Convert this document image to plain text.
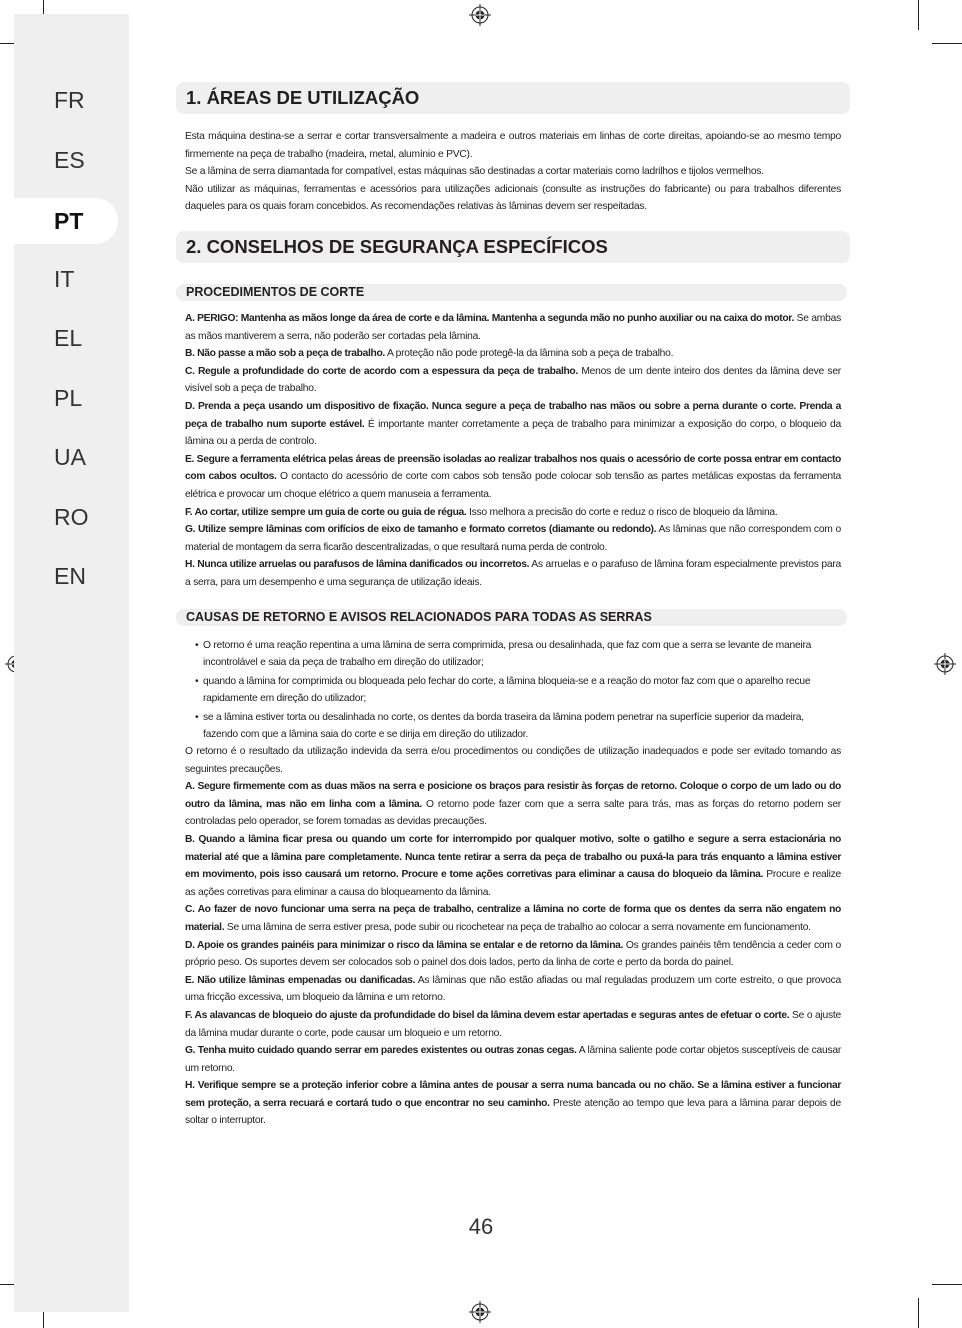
FR
ES
PT
IT
EL
PL
UA
RO
EN
1. ÁREAS DE UTILIZAÇÃO

Esta máquina destina-se a serrar e cortar transversalmente a madeira e outros materiais em linhas de corte direitas, apoiando-se ao mesmo tempo firmemente na peça de trabalho (madeira, metal, alumínio e PVC).

Se a lâmina de serra diamantada for compatível, estas máquinas são destinadas a cortar materiais como ladrilhos e tijolos vermelhos.

Não utilizar as máquinas, ferramentas e acessórios para utilizações adicionais (consulte as instruções do fabricante) ou para trabalhos diferentes daqueles para os quais foram concebidos. As recomendações relativas às lâminas devem ser respeitadas.

2. CONSELHOS DE SEGURANÇA ESPECÍFICOS
PROCEDIMENTOS DE CORTE

A. PERIGO: Mantenha as mãos longe da área de corte e da lâmina. Mantenha a segunda mão no punho auxiliar ou na caixa do motor. Se ambas as mãos mantiverem a serra, não poderão ser cortadas pela lâmina.

B. Não passe a mão sob a peça de trabalho. A proteção não pode protegê-la da lâmina sob a peça de trabalho.

C. Regule a profundidade do corte de acordo com a espessura da peça de trabalho. Menos de um dente inteiro dos dentes da lâmina deve ser visível sob a peça de trabalho.

D. Prenda a peça usando um dispositivo de fixação. Nunca segure a peça de trabalho nas mãos ou sobre a perna durante o corte. Prenda a peça de trabalho num suporte estável. É importante manter corretamente a peça de trabalho para minimizar a exposição do corpo, o bloqueio da lâmina ou a perda de controlo.

E. Segure a ferramenta elétrica pelas áreas de preensão isoladas ao realizar trabalhos nos quais o acessório de corte possa entrar em contacto com cabos ocultos. O contacto do acessório de corte com cabos sob tensão pode colocar sob tensão as partes metálicas expostas da ferramenta elétrica e provocar um choque elétrico a quem manuseia a ferramenta.

F. Ao cortar, utilize sempre um guia de corte ou guia de régua. Isso melhora a precisão do corte e reduz o risco de bloqueio da lâmina.

G. Utilize sempre lâminas com orifícios de eixo de tamanho e formato corretos (diamante ou redondo). As lâminas que não correspondem com o material de montagem da serra ficarão descentralizadas, o que resultará numa perda de controlo.

H. Nunca utilize arruelas ou parafusos de lâmina danificados ou incorretos. As arruelas e o parafuso de lâmina foram especialmente previstos para a serra, para um desempenho e uma segurança de utilização ideais.

CAUSAS DE RETORNO E AVISOS RELACIONADOS PARA TODAS AS SERRAS
• O retorno é uma reação repentina a uma lâmina de serra comprimida, presa ou desalinhada, que faz com que a serra se levante de maneira incontrolável e saia da peça de trabalho em direção do utilizador;
• quando a lâmina for comprimida ou bloqueada pelo fechar do corte, a lâmina bloqueia-se e a reação do motor faz com que o aparelho recue rapidamente em direção do utilizador;
• se a lâmina estiver torta ou desalinhada no corte, os dentes da borda traseira da lâmina podem penetrar na superfície superior da madeira, fazendo com que a lâmina saia do corte e se dirija em direção do utilizador.

O retorno é o resultado da utilização indevida da serra e/ou procedimentos ou condições de utilização inadequados e pode ser evitado tomando as seguintes precauções.

A. Segure firmemente com as duas mãos na serra e posicione os braços para resistir às forças de retorno. Coloque o corpo de um lado ou do outro da lâmina, mas não em linha com a lâmina. O retorno pode fazer com que a serra salte para trás, mas as forças do retorno podem ser controladas pelo operador, se forem tomadas as devidas precauções.

B. Quando a lâmina ficar presa ou quando um corte for interrompido por qualquer motivo, solte o gatilho e segure a serra estacionária no material até que a lâmina pare completamente. Nunca tente retirar a serra da peça de trabalho ou puxá-la para trás enquanto a lâmina estiver em movimento, pois isso causará um retorno. Procure e tome ações corretivas para eliminar a causa do bloqueio da lâmina. Procure e realize as ações corretivas para eliminar a causa do bloqueamento da lâmina.

C. Ao fazer de novo funcionar uma serra na peça de trabalho, centralize a lâmina no corte de forma que os dentes da serra não engatem no material. Se uma lâmina de serra estiver presa, pode subir ou ricochetear na peça de trabalho ao colocar a serra novamente em funcionamento.

D. Apoie os grandes painéis para minimizar o risco da lâmina se entalar e de retorno da lâmina. Os grandes painéis têm tendência a ceder com o próprio peso. Os suportes devem ser colocados sob o painel dos dois lados, perto da linha de corte e perto da borda do painel.

E. Não utilize lâminas empenadas ou danificadas. As lâminas que não estão afiadas ou mal reguladas produzem um corte estreito, o que provoca uma fricção excessiva, um bloqueio da lâmina e um retorno.

F. As alavancas de bloqueio do ajuste da profundidade do bisel da lâmina devem estar apertadas e seguras antes de efetuar o corte. Se o ajuste da lâmina mudar durante o corte, pode causar um bloqueio e um retorno.

G. Tenha muito cuidado quando serrar em paredes existentes ou outras zonas cegas. A lâmina saliente pode cortar objetos susceptíveis de causar um retorno.

H. Verifique sempre se a proteção inferior cobre a lâmina antes de pousar a serra numa bancada ou no chão. Se a lâmina estiver a funcionar sem proteção, a serra recuará e cortará tudo o que encontrar no seu caminho. Preste atenção ao tempo que leva para a lâmina parar depois de soltar o interruptor.

46
